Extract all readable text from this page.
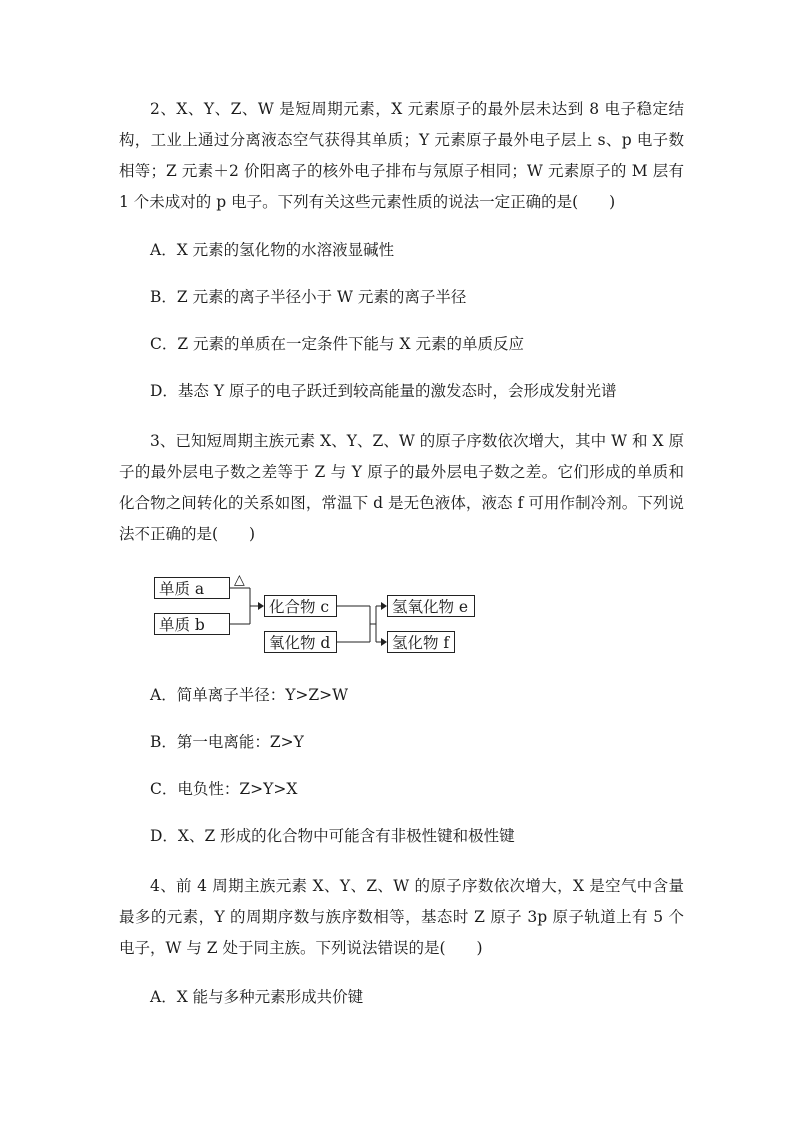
2、X、Y、Z、W 是短周期元素，X 元素原子的最外层未达到 8 电子稳定结构，工业上通过分离液态空气获得其单质；Y 元素原子最外电子层上 s、p 电子数相等；Z 元素＋2 价阳离子的核外电子排布与氖原子相同；W 元素原子的 M 层有 1 个未成对的 p 电子。下列有关这些元素性质的说法一定正确的是(　　)

A．X 元素的氢化物的水溶液显碱性

B．Z 元素的离子半径小于 W 元素的离子半径

C．Z 元素的单质在一定条件下能与 X 元素的单质反应

D．基态 Y 原子的电子跃迁到较高能量的激发态时，会形成发射光谱

3、已知短周期主族元素 X、Y、Z、W 的原子序数依次增大，其中 W 和 X 原子的最外层电子数之差等于 Z 与 Y 原子的最外层电子数之差。它们形成的单质和化合物之间转化的关系如图，常温下 d 是无色液体，液态 f 可用作制冷剂。下列说法不正确的是(　　)

单质 a
单质 b
△
化合物 c
氧化物 d
氢氧化物 e
氢化物 f

A．简单离子半径：Y>Z>W

B．第一电离能：Z>Y

C．电负性：Z>Y>X

D．X、Z 形成的化合物中可能含有非极性键和极性键

4、前 4 周期主族元素 X、Y、Z、W 的原子序数依次增大，X 是空气中含量最多的元素，Y 的周期序数与族序数相等，基态时 Z 原子 3p 原子轨道上有 5 个电子，W 与 Z 处于同主族。下列说法错误的是(　　)

A．X 能与多种元素形成共价键
